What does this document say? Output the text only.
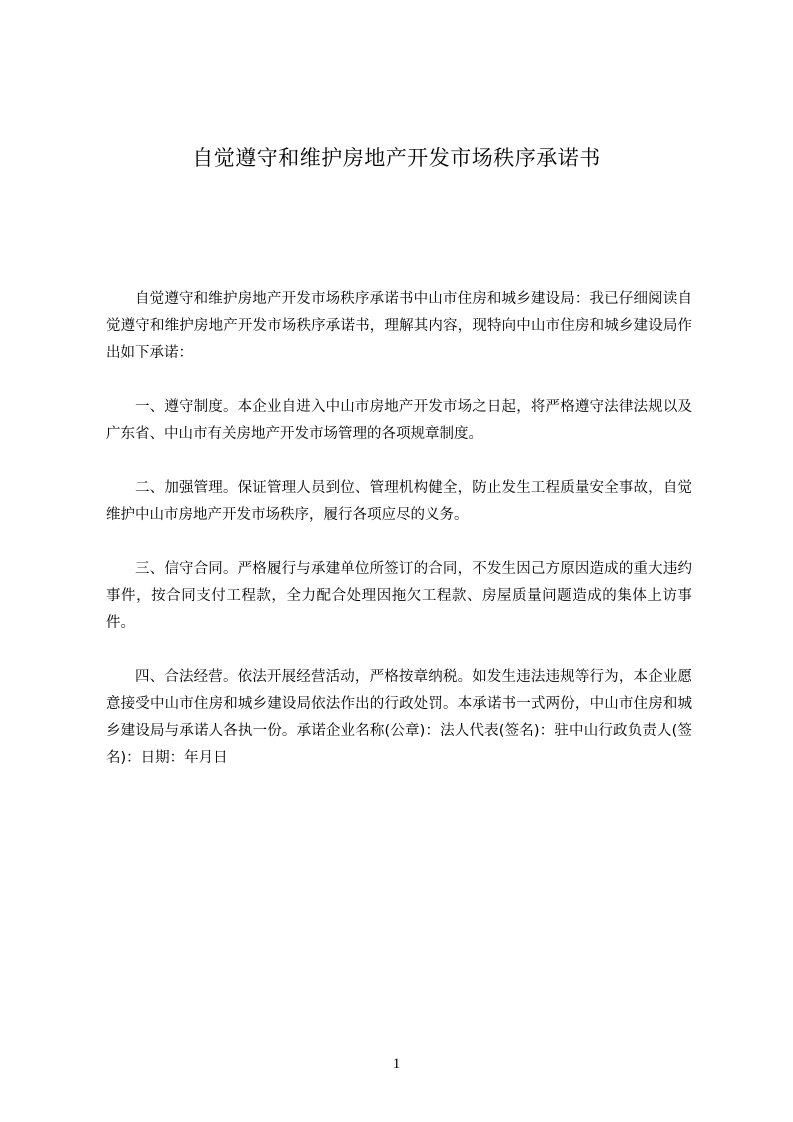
自觉遵守和维护房地产开发市场秩序承诺书

自觉遵守和维护房地产开发市场秩序承诺书中山市住房和城乡建设局：我已仔细阅读自觉遵守和维护房地产开发市场秩序承诺书，理解其内容，现特向中山市住房和城乡建设局作出如下承诺：

一、遵守制度。本企业自进入中山市房地产开发市场之日起，将严格遵守法律法规以及广东省、中山市有关房地产开发市场管理的各项规章制度。

二、加强管理。保证管理人员到位、管理机构健全，防止发生工程质量安全事故，自觉维护中山市房地产开发市场秩序，履行各项应尽的义务。

三、信守合同。严格履行与承建单位所签订的合同，不发生因己方原因造成的重大违约事件，按合同支付工程款，全力配合处理因拖欠工程款、房屋质量问题造成的集体上访事件。

四、合法经营。依法开展经营活动，严格按章纳税。如发生违法违规等行为，本企业愿意接受中山市住房和城乡建设局依法作出的行政处罚。本承诺书一式两份，中山市住房和城乡建设局与承诺人各执一份。承诺企业名称(公章)：法人代表(签名)：驻中山行政负责人(签名)：日期：年月日

1
